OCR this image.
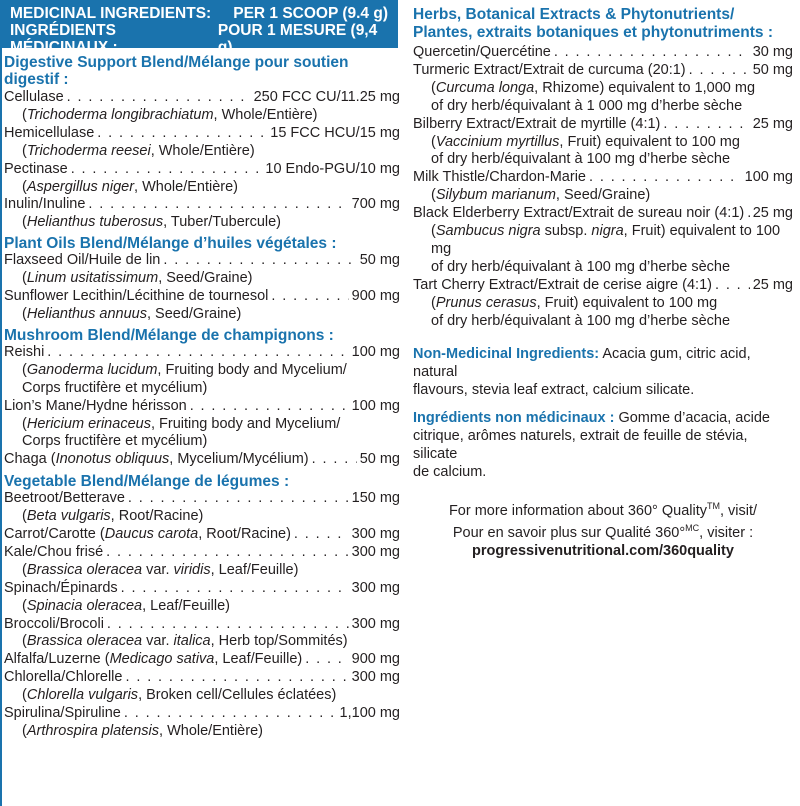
MEDICINAL INGREDIENTS: PER 1 SCOOP (9.4 g)
INGRÉDIENTS MÉDICINAUX :
POUR 1 MESURE (9,4 g)
Digestive Support Blend/Mélange pour soutien digestif :
Cellulase . . .	250 FCC CU/11.25 mg
(Trichoderma longibrachiatum, Whole/Entière)
Hemicellulase . . .	15 FCC HCU/15 mg
(Trichoderma reesei, Whole/Entière)
Pectinase . . .	10 Endo-PGU/10 mg
(Aspergillus niger, Whole/Entière)
Inulin/Inuline . . .	700 mg
(Helianthus tuberosus, Tuber/Tubercule)
Plant Oils Blend/Mélange d’huiles végétales :
Flaxseed Oil/Huile de lin . . .	50 mg
(Linum usitatissimum, Seed/Graine)
Sunflower Lecithin/Lécithine de tournesol . . .	900 mg
(Helianthus annuus, Seed/Graine)
Mushroom Blend/Mélange de champignons :
Reishi . . .	100 mg
(Ganoderma lucidum, Fruiting body and Mycelium/
Corps fructifère et mycélium)
Lion’s Mane/Hydne hérisson . . .	100 mg
(Hericium erinaceus, Fruiting body and Mycelium/
Corps fructifère et mycélium)
Chaga (Inonotus obliquus, Mycelium/Mycélium) . . .	50 mg
Vegetable Blend/Mélange de légumes :
Beetroot/Betterave . . .	150 mg
(Beta vulgaris, Root/Racine)
Carrot/Carotte (Daucus carota, Root/Racine) . . .	300 mg
Kale/Chou frisé . . .	300 mg
(Brassica oleracea var. viridis, Leaf/Feuille)
Spinach/Épinards . . .	300 mg
(Spinacia oleracea, Leaf/Feuille)
Broccoli/Brocoli . . .	300 mg
(Brassica oleracea var. italica, Herb top/Sommités)
Alfalfa/Luzerne (Medicago sativa, Leaf/Feuille) . . .	900 mg
Chlorella/Chlorelle . . .	300 mg
(Chlorella vulgaris, Broken cell/Cellules éclatées)
Spirulina/Spiruline . . .	1,100 mg
(Arthrospira platensis, Whole/Entière)
Herbs, Botanical Extracts & Phytonutrients/
Plantes, extraits botaniques et phytonutriments :
Quercetin/Quercétine . . .	30 mg
Turmeric Extract/Extrait de curcuma (20:1) . . .	50 mg
(Curcuma longa, Rhizome) equivalent to 1,000 mg
of dry herb/équivalant à 1 000 mg d’herbe sèche
Bilberry Extract/Extrait de myrtille (4:1) . . .	25 mg
(Vaccinium myrtillus, Fruit) equivalent to 100 mg
of dry herb/équivalant à 100 mg d’herbe sèche
Milk Thistle/Chardon-Marie . . .	100 mg
(Silybum marianum, Seed/Graine)
Black Elderberry Extract/Extrait de sureau noir (4:1) . . . 25 mg
(Sambucus nigra subsp. nigra, Fruit) equivalent to 100 mg
of dry herb/équivalant à 100 mg d’herbe sèche
Tart Cherry Extract/Extrait de cerise aigre (4:1) . . .	25 mg
(Prunus cerasus, Fruit) equivalent to 100 mg
of dry herb/équivalant à 100 mg d’herbe sèche
Non-Medicinal Ingredients: Acacia gum, citric acid, natural
flavours, stevia leaf extract, calcium silicate.
Ingrédients non médicinaux : Gomme d’acacia, acide
citrique, arômes naturels, extrait de feuille de stévia, silicate
de calcium.
For more information about 360° Quality™, visit/
Pour en savoir plus sur Qualité 360°$^{MC}$, visiter :
progressivenutritional.com/360quality
